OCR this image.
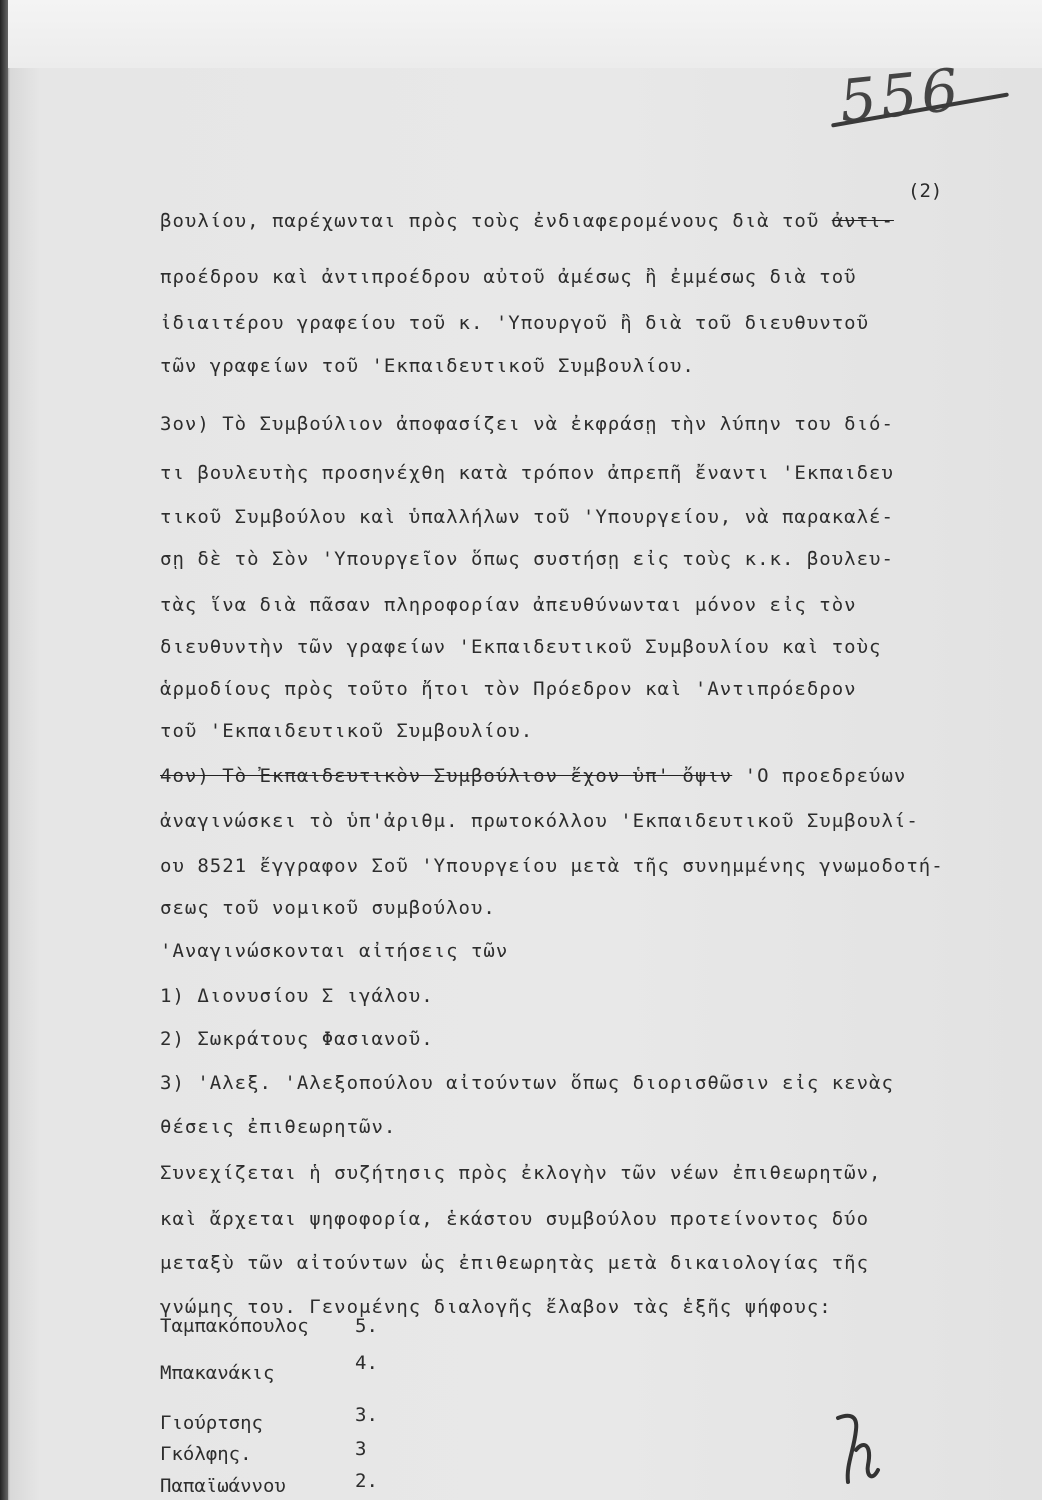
556
(2)
βουλίου, παρέχωνται πρὸς τοὺς ἐνδιαφερομένους διὰ τοῦ ἀντι-
προέδρου καὶ ἀντιπροέδρου αὐτοῦ ἀμέσως ἢ ἐμμέσως διὰ τοῦ
ἰδιαιτέρου γραφείου τοῦ κ. 'Υπουργοῦ ἢ διὰ τοῦ διευθυντοῦ
τῶν γραφείων τοῦ 'Εκπαιδευτικοῦ Συμβουλίου.
3ον) Τὸ Συμβούλιον ἀποφασίζει νὰ ἐκφράσῃ τὴν λύπην του διό-
τι βουλευτὴς προσηνέχθη κατὰ τρόπον ἀπρεπῆ ἔναντι 'Εκπαιδευ
τικοῦ Συμβούλου καὶ ὑπαλλήλων τοῦ 'Υπουργείου, νὰ παρακαλέ-
σῃ δὲ τὸ Σὸν 'Υπουργεῖον ὅπως συστήσῃ εἰς τοὺς κ.κ. βουλευ-
τὰς ἵνα διὰ πᾶσαν πληροφορίαν ἀπευθύνωνται μόνον εἰς τὸν
διευθυντὴν τῶν γραφείων 'Εκπαιδευτικοῦ Συμβουλίου καὶ τοὺς
ἁρμοδίους πρὸς τοῦτο ἤτοι τὸν Πρόεδρον καὶ 'Αντιπρόεδρον
τοῦ 'Εκπαιδευτικοῦ Συμβουλίου.
4ον) Τὸ Ἐκπαιδευτικὸν Συμβούλιον ἔχον ὑπ' ὄψιν 'Ο προεδρεύων
ἀναγινώσκει τὸ ὑπ'ἀριθμ. πρωτοκόλλου 'Εκπαιδευτικοῦ Συμβουλί-
ου 8521 ἔγγραφον Σοῦ 'Υπουργείου μετὰ τῆς συνημμένης γνωμοδοτή-
σεως τοῦ νομικοῦ συμβούλου.
'Αναγινώσκονται αἰτήσεις τῶν
1) Διονυσίου Σ ιγάλου.
2) Σωκράτους Φασιανοῦ.
3) 'Αλεξ. 'Αλεξοπούλου αἰτούντων ὅπως διορισθῶσιν εἰς κενὰς
θέσεις ἐπιθεωρητῶν.
Συνεχίζεται ἡ συζήτησις πρὸς ἐκλογὴν τῶν νέων ἐπιθεωρητῶν,
καὶ ἄρχεται ψηφοφορία, ἑκάστου συμβούλου προτείνοντος δύο
μεταξὺ τῶν αἰτούντων ὡς ἐπιθεωρητὰς μετὰ δικαιολογίας τῆς
γνώμης του. Γενομένης διαλογῆς ἔλαβον τὰς ἑξῆς ψήφους:
Ταμπακόπουλος 5.
Μπακανάκις	4.
Γιούρτσης	3.
Γκόλφης.	3
Παπαϊωάννου	2.
